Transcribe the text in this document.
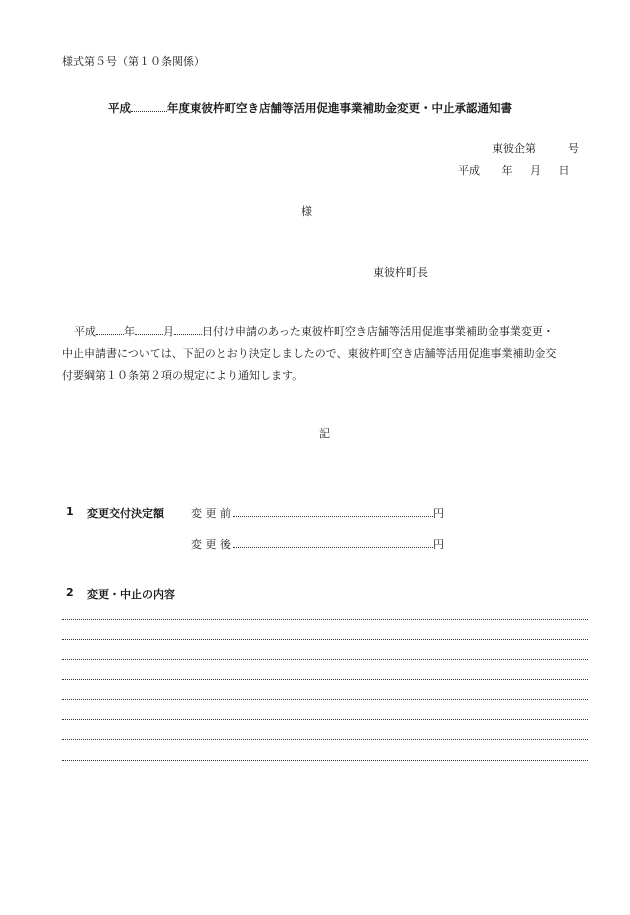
様式第５号（第１０条関係）
平成	年度東彼杵町空き店舗等活用促進事業補助金変更・中止承認通知書
東彼企第	号
平成 年 月 日
様
東彼杵町長
平成	年	月	日付け申請のあった東彼杵町空き店舗等活用促進事業補助金事業変更・
中止申請書については、下記のとおり決定しましたので、東彼杵町空き店舗等活用促進事業補助金交
付要綱第１０条第２項の規定により通知します。
記
1 変更交付決定額 変 更 前	円
変 更 後	円
2 変更・中止の内容
